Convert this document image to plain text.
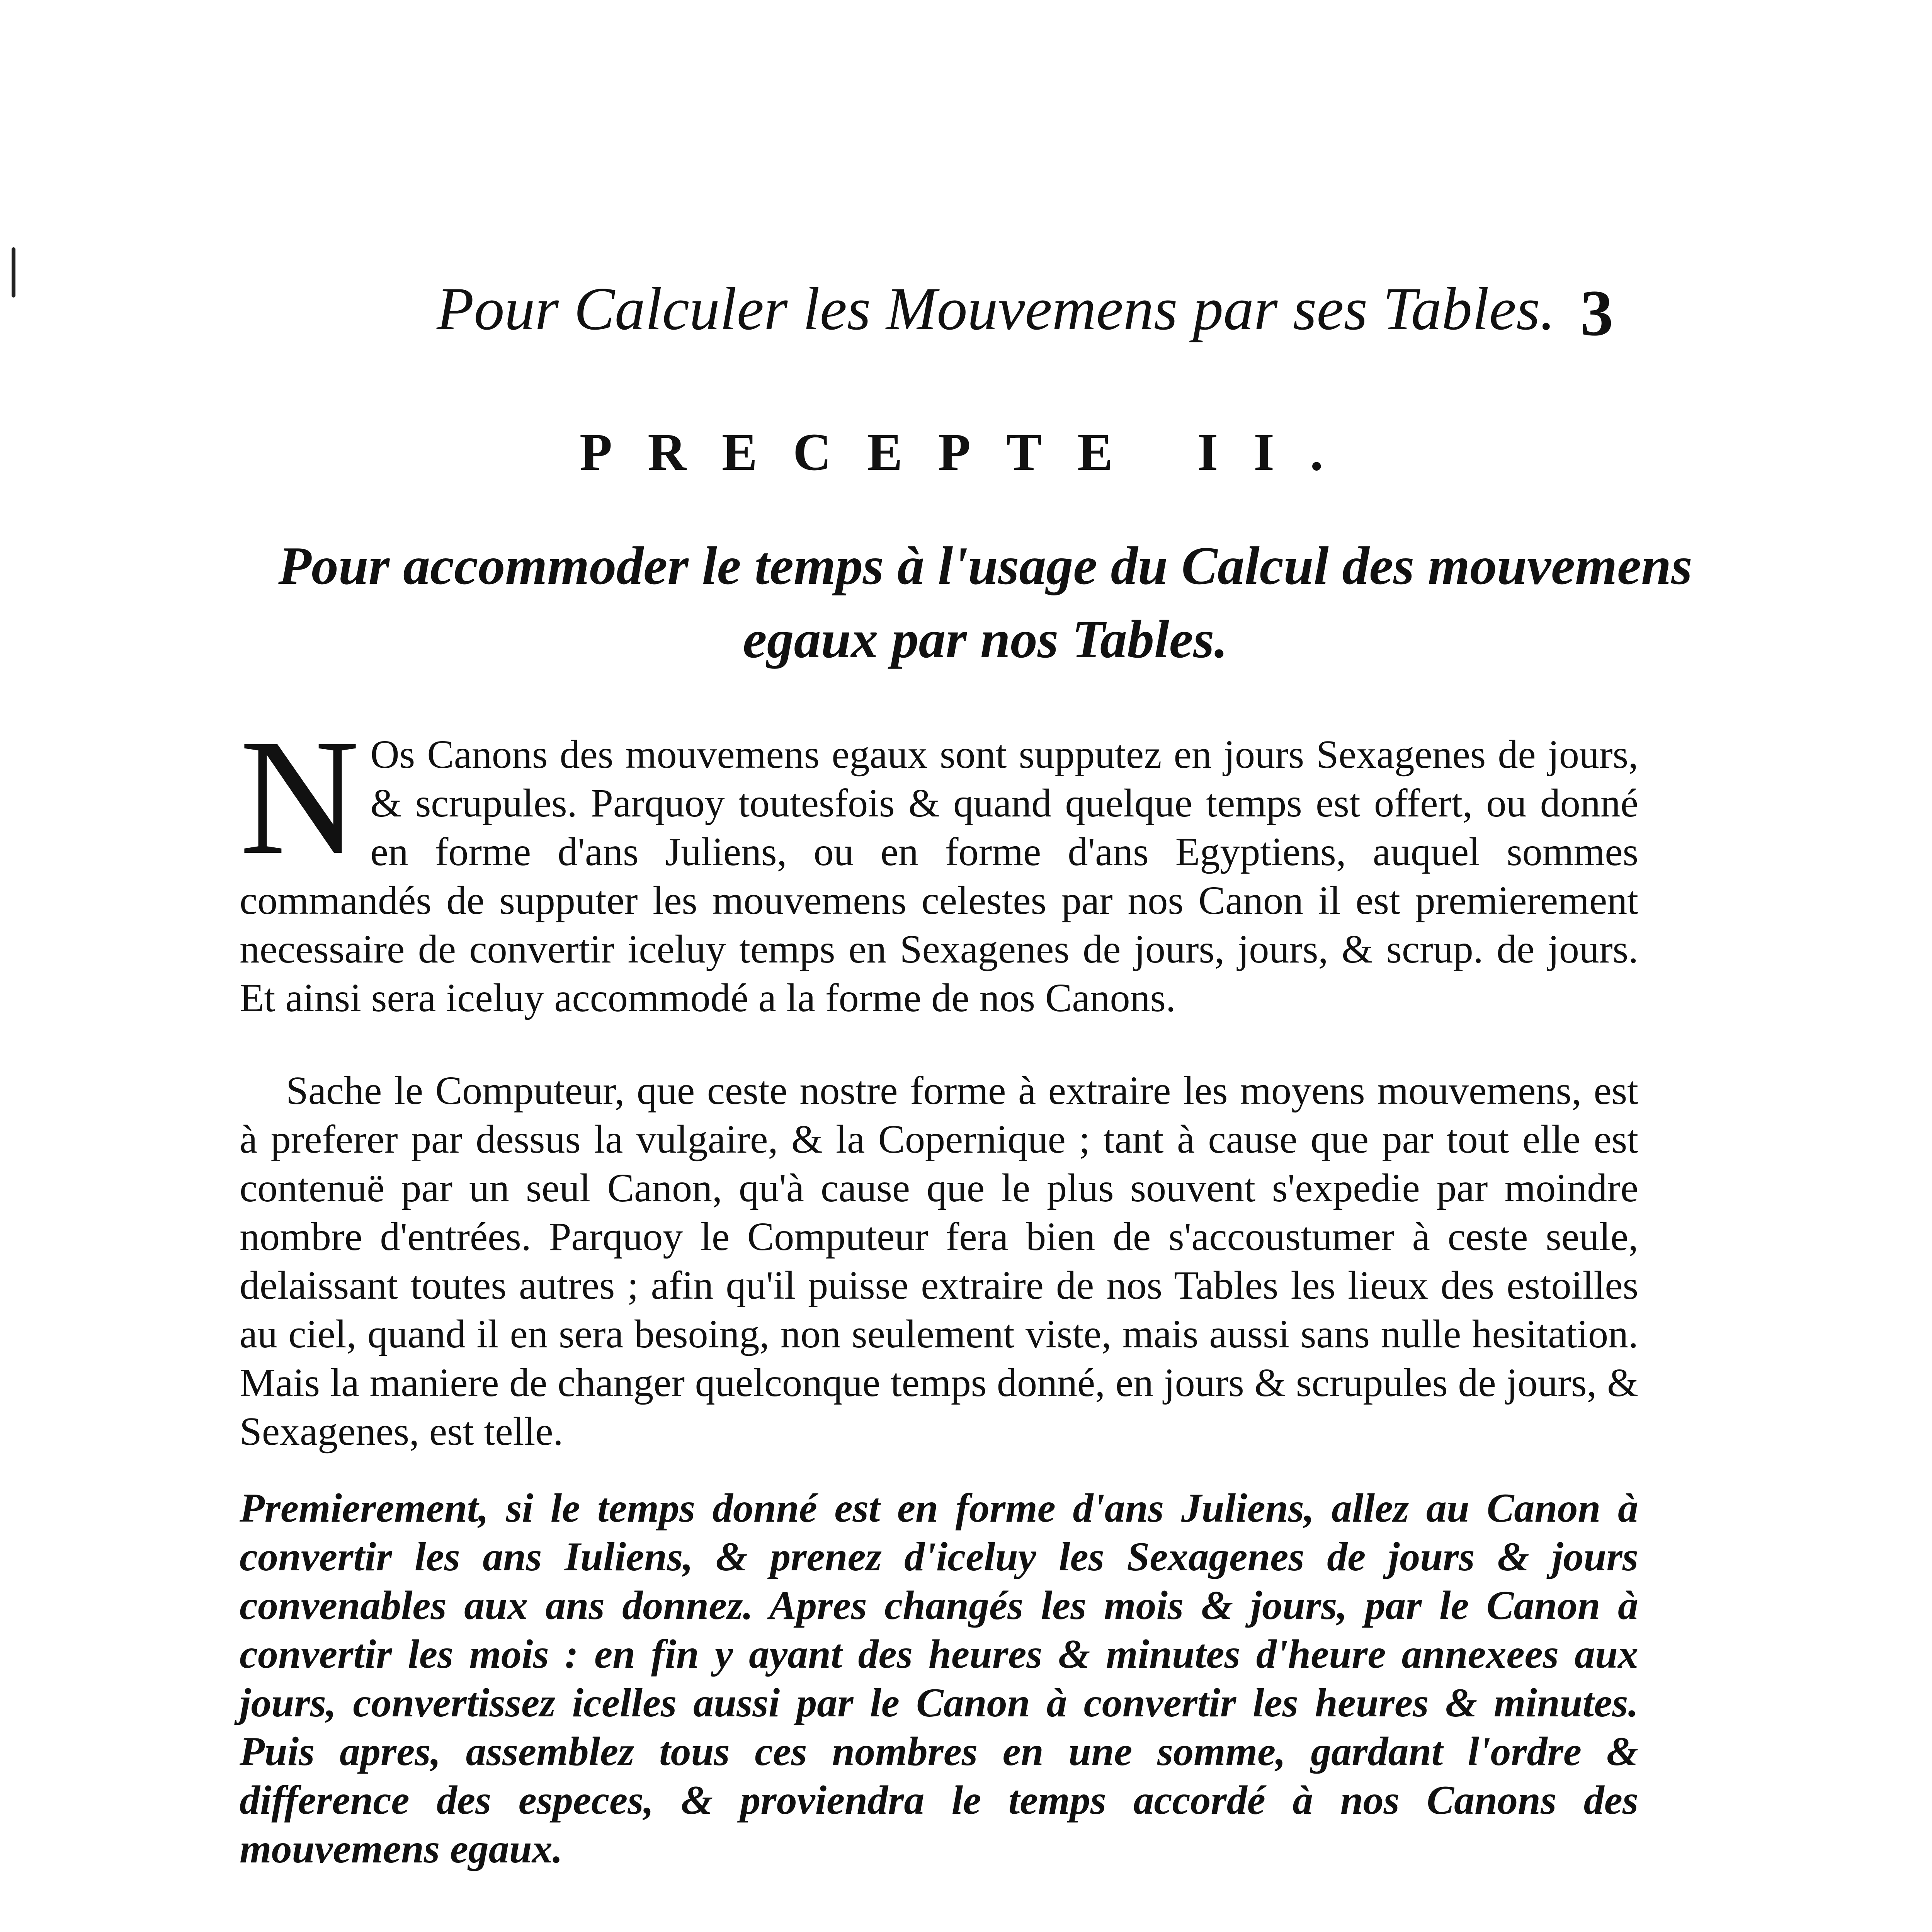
Pour Calculer les Mouvemens par ses Tables. 3
PRECEPTE II.
Pour accommoder le temps à l'usage du Calcul des mouvemens egaux par nos Tables.
N Os Canons des mouvemens egaux sont supputez en jours Sexagenes de jours, & scrupules. Parquoy toutesfois & quand quelque temps est offert, ou donné en forme d'ans Juliens, ou en forme d'ans Egyptiens, auquel sommes commandés de supputer les mouvemens celestes par nos Canon il est premierement necessaire de convertir iceluy temps en Sexagenes de jours, jours, & scrup. de jours. Et ainsi sera iceluy accommodé a la forme de nos Canons.
Sache le Computeur, que ceste nostre forme à extraire les moyens mouvemens, est à preferer par dessus la vulgaire, & la Copernique ; tant à cause que par tout elle est contenuë par un seul Canon, qu'à cause que le plus souvent s'expedie par moindre nombre d'entrées. Parquoy le Computeur fera bien de s'accoustumer à ceste seule, delaissant toutes autres ; afin qu'il puisse extraire de nos Tables les lieux des estoilles au ciel, quand il en sera besoing, non seulement viste, mais aussi sans nulle hesitation. Mais la maniere de changer quelconque temps donné, en jours & scrupules de jours, & Sexagenes, est telle.
Premierement, si le temps donné est en forme d'ans Juliens, allez au Canon à convertir les ans Iuliens, & prenez d'iceluy les Sexagenes de jours & jours convenables aux ans donnez. Apres changés les mois & jours, par le Canon à convertir les mois : en fin y ayant des heures & minutes d'heure annexees aux jours, convertissez icelles aussi par le Canon à convertir les heures & minutes. Puis apres, assemblez tous ces nombres en une somme, gardant l'ordre & difference des especes, & proviendra le temps accordé à nos Canons des mouvemens egaux.
